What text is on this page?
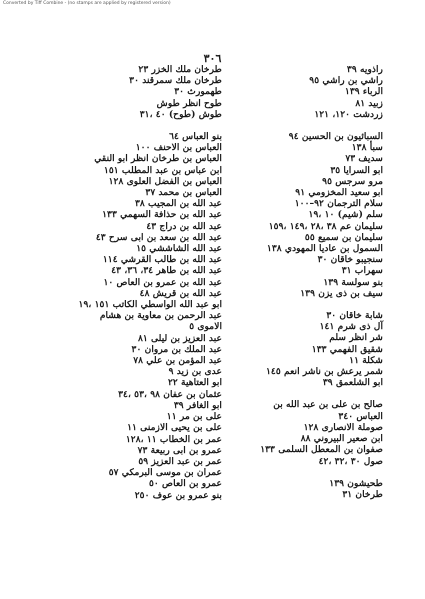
Converted by Tiff Combine - (no stamps are applied by registered version)
٣٠٦
راذويه ٣٩
راشي بن راشي ٩٥
الرباء ١٣٩
زبيد ٨١
زردشت ١٢٠، ١٢١
السبائيون بن الحسين ٩٤
سبأ ١٣٨
سديف ٧٣
ابو السرايا ٣٥
مرو سرجس ٩٥
ابو سعيد المخزومي ٩١
سلام الترجمان ٩٢–١٠٠
سلم (شيم) ١٠ ،١٩
سليمان عم ٣٨ ،٢٨ ،١٤٩ ،١٥٩
سليمان بن سميع ٥٥
السمول بن عاديا المهودي ١٣٨
سنجيبو خاقان ٣٠
سهراب ٣١
بنو سولسة ١٣٩
سيف بن ذى يزن ١٣٩
شابة خاقان ٣٠
آل ذى شرم ١٤١
شر انظر سلم
شقيق الفهمي ١٣٣
شكلة ١١
شمر يرعش بن ناشر انعم ١٤٥
ابو الشلعمق ٣٩
صالح بن على بن عبد الله بن
العباس ٣٤٠
صوملة الانصارى ١٢٨
ابن صعير البيروني ٨٨
صفوان بن المعطل السلمى ١٣٣
صول ٣٠ ،٣٢ ،٤٢
طحيشون ١٣٩
طرخان ٣١
طرخان ملك الخزر ٢٣
طرخان ملك سمرقند ٣٠
طهمورث ٣٠
طوح انظر طوش
طوش (طوح) ٤٠ ،٣١
بنو العباس ٦٤
العباس بن الاحنف ١٠٠
العباس بن طرخان انظر ابو النقي
ابن عباس بن عبد المطلب ١٥١
العباس بن الفضل العلوى ١٢٨
العباس بن محمد ٣٧
عبد الله بن المجيب ٣٨
عبد الله بن حذافة السهمي ١٣٣
عبد الله بن دراج ٤٣
عبد الله بن سعد بن ابى سرح ٤٣
عبد الله الشاششي ١٥
عبد الله بن طالب القرشي ١١٤
عبد الله بن طاهر ٣٤، ٣٦، ٤٣
عبد الله بن عمرو بن العاص ١٠
عبد الله بن قريش ٤٨
ابو عبد الله الواسطي الكاتب ١٥١ ،١٩
عبد الرحمن بن معاوية بن هشام
الاموى ٥
عبد العزيز بن ليلى ٨١
عبد الملك بن مروان ٣٠
عبد المؤمن بن علي ٧٨
عدى بن زيد ٩
ابو العتاهية ٢٢
عثمان بن عفان ٩٨ ،٥٣ ،٣٤
ابو الغافر ٣٩
على بن مر ١١
على بن يحيى الازمنى ١١
عمر بن الخطاب ١١ ،١٢٨
عمرو بن ابى ربيعة ٧٣
عمر بن عبد العزيز ٥٩
عمران بن موسى البرمكي ٥٧
عمرو بن العاص ٥٠
بنو عمرو بن عوف ٢٥٠
